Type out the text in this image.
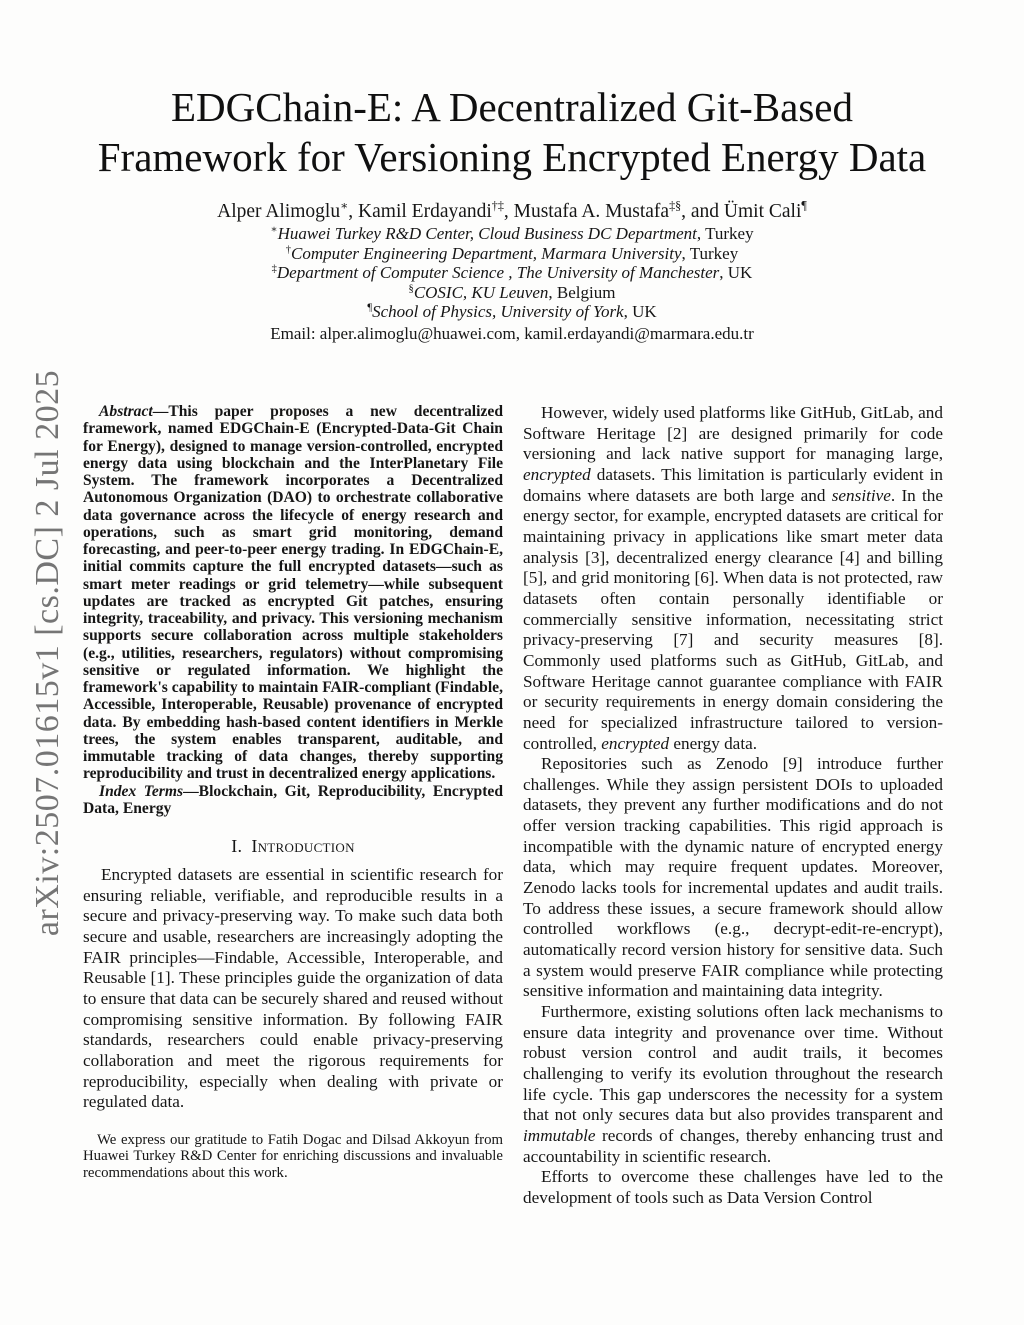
arXiv:2507.01615v1 [cs.DC] 2 Jul 2025
EDGChain-E: A Decentralized Git-Based
Framework for Versioning Encrypted Energy Data
Alper Alimoglu∗, Kamil Erdayandi†‡, Mustafa A. Mustafa‡§, and Ümit Cali¶
∗Huawei Turkey R&D Center, Cloud Business DC Department, Turkey
†Computer Engineering Department, Marmara University, Turkey
‡Department of Computer Science , The University of Manchester, UK
§COSIC, KU Leuven, Belgium
¶School of Physics, University of York, UK
Email: alper.alimoglu@huawei.com, kamil.erdayandi@marmara.edu.tr

Abstract—This paper proposes a new decentralized framework, named EDGChain-E (Encrypted-Data-Git Chain for Energy), designed to manage version-controlled, encrypted energy data using blockchain and the InterPlanetary File System. The framework incorporates a Decentralized Autonomous Organization (DAO) to orchestrate collaborative data governance across the lifecycle of energy research and operations, such as smart grid monitoring, demand forecasting, and peer-to-peer energy trading. In EDGChain-E, initial commits capture the full encrypted datasets—such as smart meter readings or grid telemetry—while subsequent updates are tracked as encrypted Git patches, ensuring integrity, traceability, and privacy. This versioning mechanism supports secure collaboration across multiple stakeholders (e.g., utilities, researchers, regulators) without compromising sensitive or regulated information. We highlight the framework's capability to maintain FAIR-compliant (Findable, Accessible, Interoperable, Reusable) provenance of encrypted data. By embedding hash-based content identifiers in Merkle trees, the system enables transparent, auditable, and immutable tracking of data changes, thereby supporting reproducibility and trust in decentralized energy applications.

Index Terms—Blockchain, Git, Reproducibility, Encrypted Data, Energy

I. Introduction

Encrypted datasets are essential in scientific research for ensuring reliable, verifiable, and reproducible results in a secure and privacy-preserving way. To make such data both secure and usable, researchers are increasingly adopting the FAIR principles—Findable, Accessible, Interoperable, and Reusable [1]. These principles guide the organization of data to ensure that data can be securely shared and reused without compromising sensitive information. By following FAIR standards, researchers could enable privacy-preserving collaboration and meet the rigorous requirements for reproducibility, especially when dealing with private or regulated data.

We express our gratitude to Fatih Dogac and Dilsad Akkoyun from Huawei Turkey R&D Center for enriching discussions and invaluable recommendations about this work.

However, widely used platforms like GitHub, GitLab, and Software Heritage [2] are designed primarily for code versioning and lack native support for managing large, encrypted datasets. This limitation is particularly evident in domains where datasets are both large and sensitive. In the energy sector, for example, encrypted datasets are critical for maintaining privacy in applications like smart meter data analysis [3], decentralized energy clearance [4] and billing [5], and grid monitoring [6]. When data is not protected, raw datasets often contain personally identifiable or commercially sensitive information, necessitating strict privacy-preserving [7] and security measures [8]. Commonly used platforms such as GitHub, GitLab, and Software Heritage cannot guarantee compliance with FAIR or security requirements in energy domain considering the need for specialized infrastructure tailored to version-controlled, encrypted energy data.

Repositories such as Zenodo [9] introduce further challenges. While they assign persistent DOIs to uploaded datasets, they prevent any further modifications and do not offer version tracking capabilities. This rigid approach is incompatible with the dynamic nature of encrypted energy data, which may require frequent updates. Moreover, Zenodo lacks tools for incremental updates and audit trails. To address these issues, a secure framework should allow controlled workflows (e.g., decrypt-edit-re-encrypt), automatically record version history for sensitive data. Such a system would preserve FAIR compliance while protecting sensitive information and maintaining data integrity.

Furthermore, existing solutions often lack mechanisms to ensure data integrity and provenance over time. Without robust version control and audit trails, it becomes challenging to verify its evolution throughout the research life cycle. This gap underscores the necessity for a system that not only secures data but also provides transparent and immutable records of changes, thereby enhancing trust and accountability in scientific research.

Efforts to overcome these challenges have led to the development of tools such as Data Version Control
